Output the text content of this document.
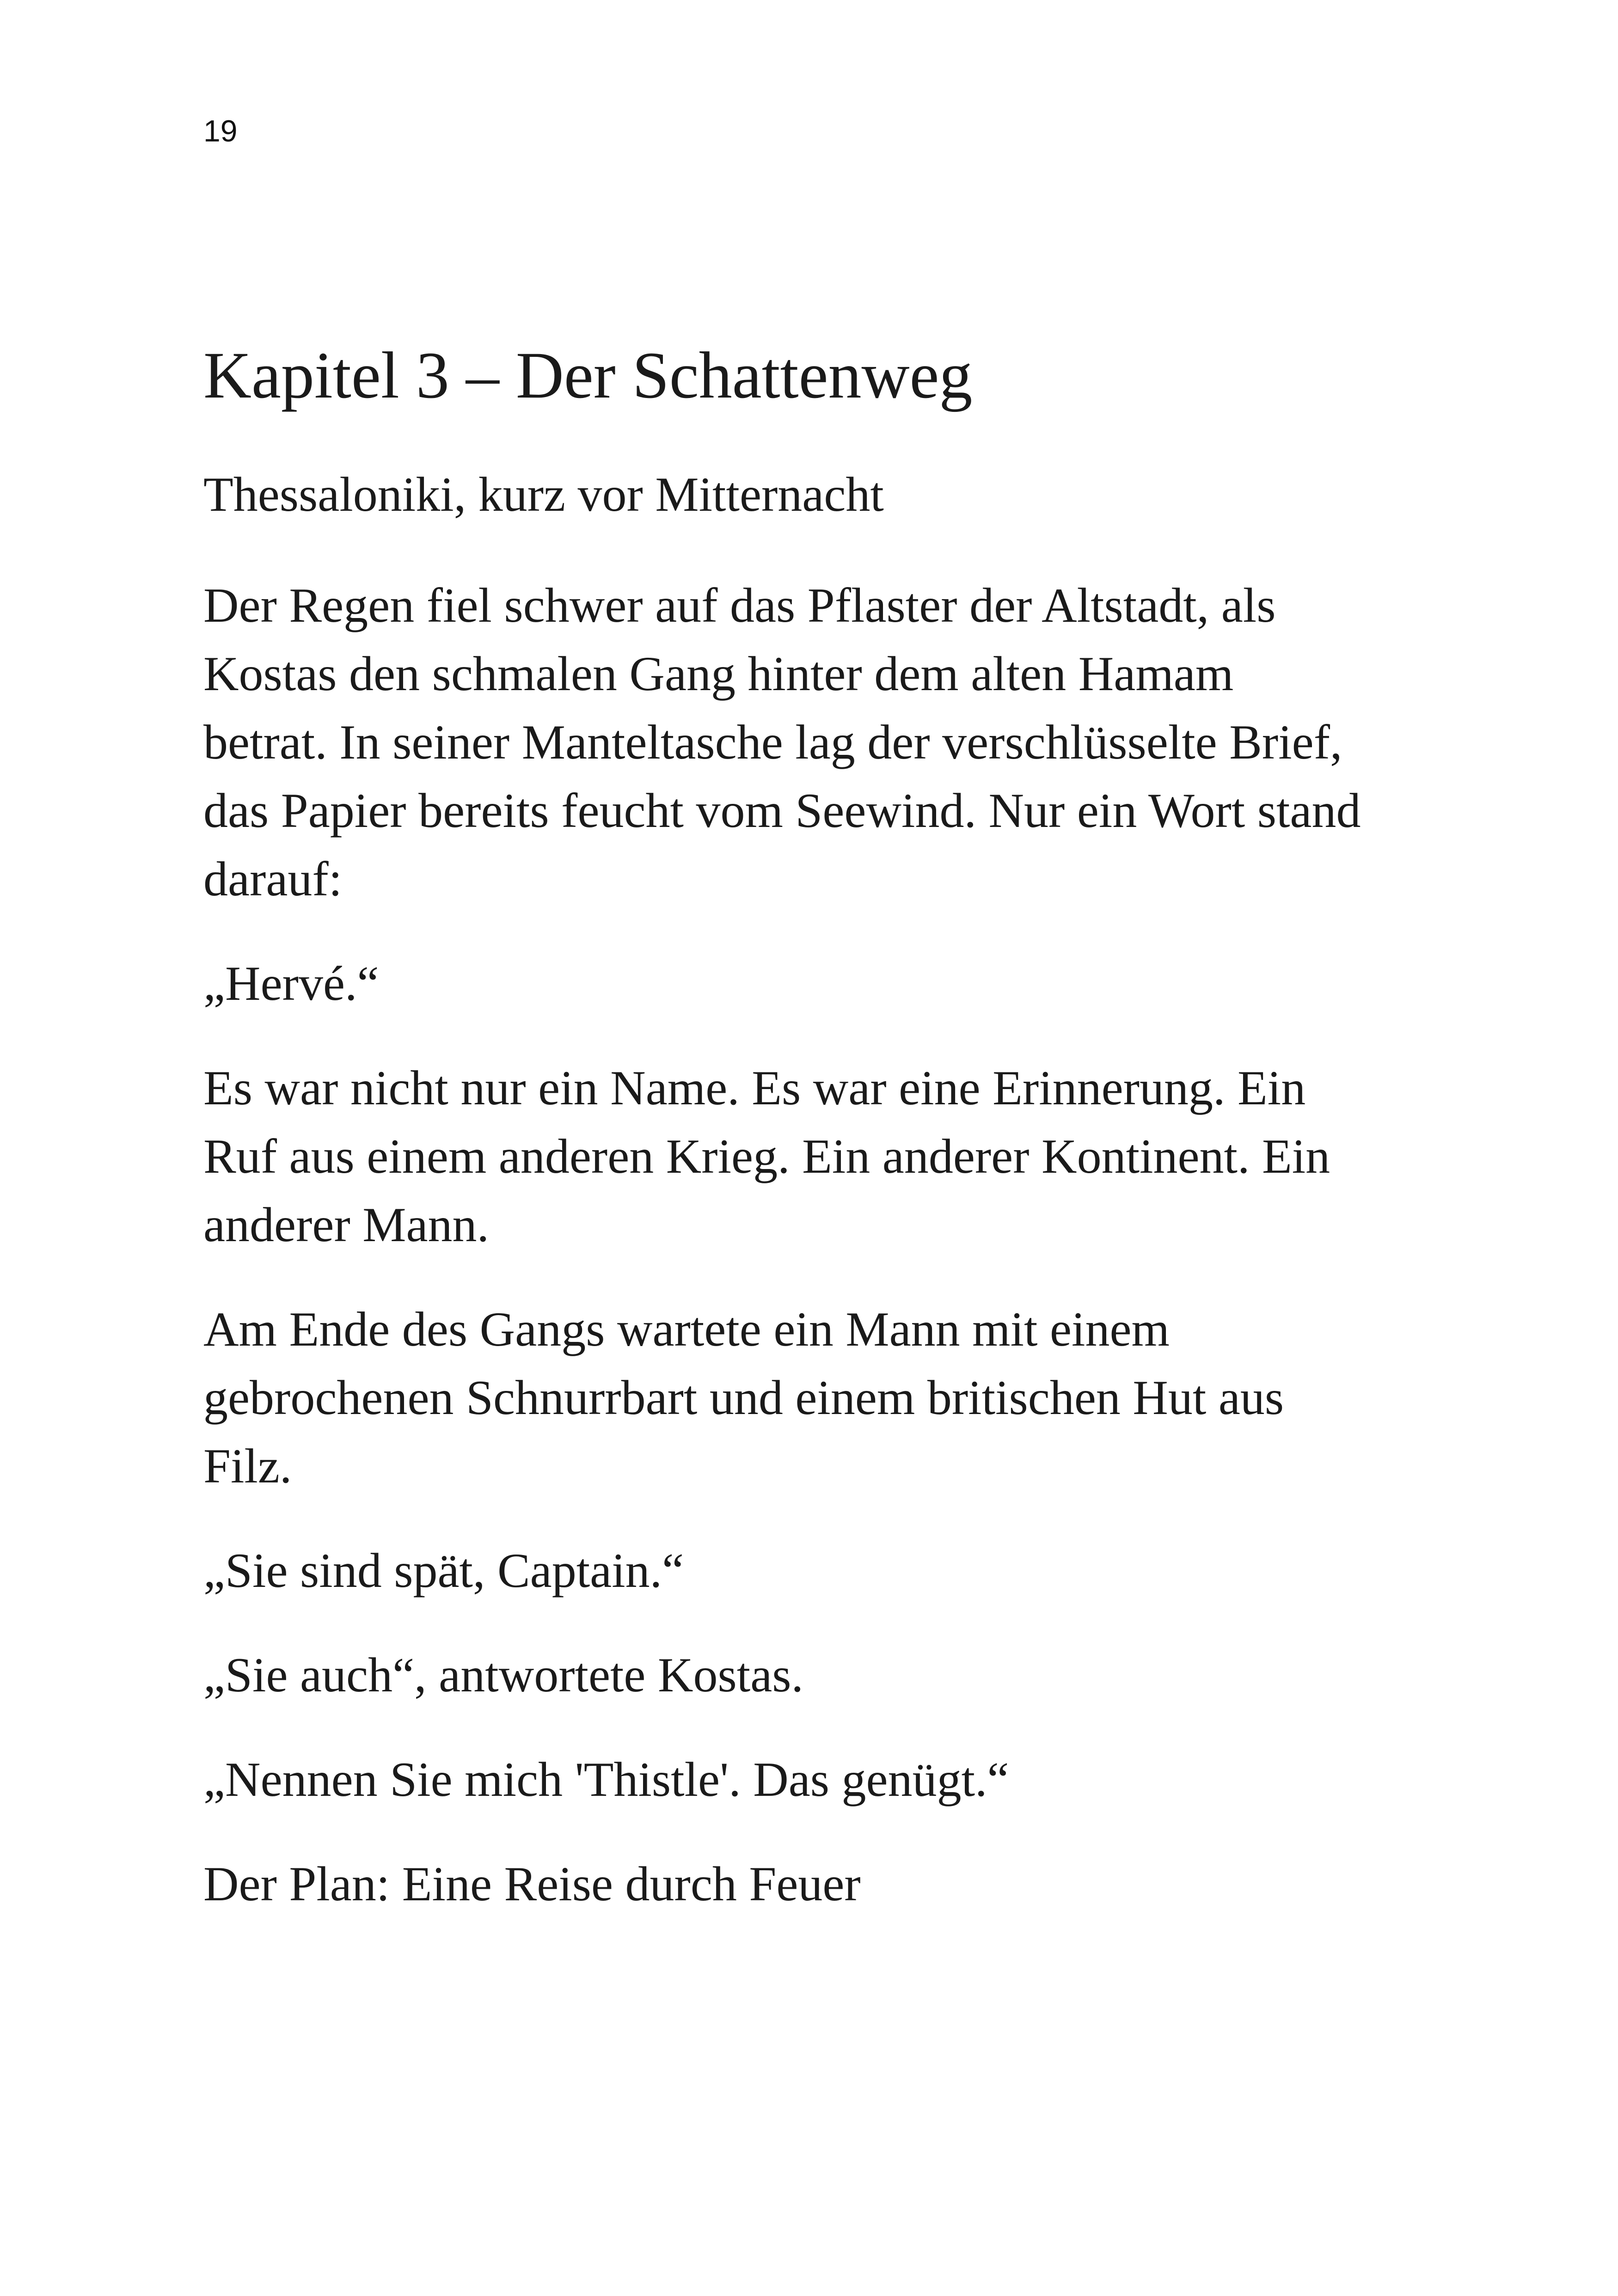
19
Kapitel 3 – Der Schattenweg

Thessaloniki, kurz vor Mitternacht

Der Regen fiel schwer auf das Pflaster der Altstadt, als
Kostas den schmalen Gang hinter dem alten Hamam
betrat. In seiner Manteltasche lag der verschlüsselte Brief,
das Papier bereits feucht vom Seewind. Nur ein Wort stand
darauf:

„Hervé.“

Es war nicht nur ein Name. Es war eine Erinnerung. Ein
Ruf aus einem anderen Krieg. Ein anderer Kontinent. Ein
anderer Mann.

Am Ende des Gangs wartete ein Mann mit einem
gebrochenen Schnurrbart und einem britischen Hut aus
Filz.

„Sie sind spät, Captain.“

„Sie auch“, antwortete Kostas.

„Nennen Sie mich 'Thistle'. Das genügt.“

Der Plan: Eine Reise durch Feuer
